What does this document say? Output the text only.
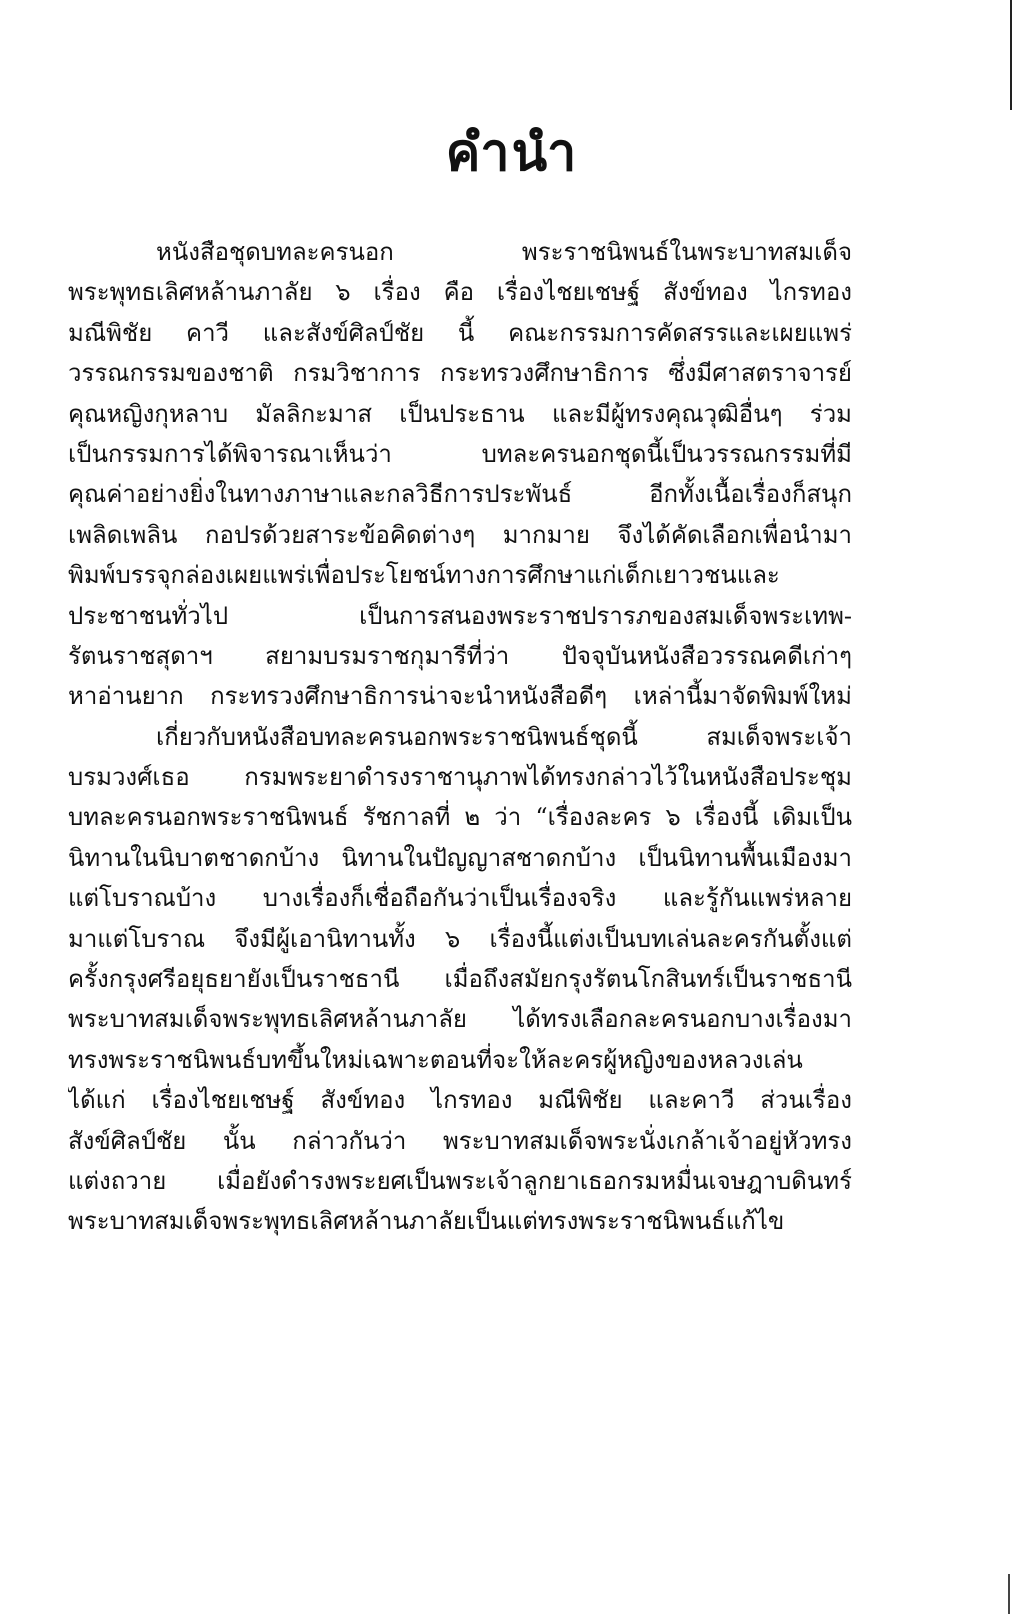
คำนำ
หนังสือชุดบทละครนอก พระราชนิพนธ์ในพระบาทสมเด็จ
พระพุทธเลิศหล้านภาลัย ๖ เรื่อง คือ เรื่องไชยเชษฐ์ สังข์ทอง ไกรทอง
มณีพิชัย คาวี และสังข์ศิลป์ชัย นี้ คณะกรรมการคัดสรรและเผยแพร่
วรรณกรรมของชาติ กรมวิชาการ กระทรวงศึกษาธิการ ซึ่งมีศาสตราจารย์
คุณหญิงกุหลาบ มัลลิกะมาส เป็นประธาน และมีผู้ทรงคุณวุฒิอื่นๆ ร่วม
เป็นกรรมการได้พิจารณาเห็นว่า บทละครนอกชุดนี้เป็นวรรณกรรมที่มี
คุณค่าอย่างยิ่งในทางภาษาและกลวิธีการประพันธ์ อีกทั้งเนื้อเรื่องก็สนุก
เพลิดเพลิน กอปรด้วยสาระข้อคิดต่างๆ มากมาย จึงได้คัดเลือกเพื่อนำมา
พิมพ์บรรจุกล่องเผยแพร่เพื่อประโยชน์ทางการศึกษาแก่เด็กเยาวชนและ
ประชาชนทั่วไป เป็นการสนองพระราชปรารภของสมเด็จพระเทพ-
รัตนราชสุดาฯ สยามบรมราชกุมารีที่ว่า ปัจจุบันหนังสือวรรณคดีเก่าๆ
หาอ่านยาก กระทรวงศึกษาธิการน่าจะนำหนังสือดีๆ เหล่านี้มาจัดพิมพ์ใหม่
เกี่ยวกับหนังสือบทละครนอกพระราชนิพนธ์ชุดนี้ สมเด็จพระเจ้า
บรมวงศ์เธอ กรมพระยาดำรงราชานุภาพได้ทรงกล่าวไว้ในหนังสือประชุม
บทละครนอกพระราชนิพนธ์ รัชกาลที่ ๒ ว่า “เรื่องละคร ๖ เรื่องนี้ เดิมเป็น
นิทานในนิบาตชาดกบ้าง นิทานในปัญญาสชาดกบ้าง เป็นนิทานพื้นเมืองมา
แต่โบราณบ้าง บางเรื่องก็เชื่อถือกันว่าเป็นเรื่องจริง และรู้กันแพร่หลาย
มาแต่โบราณ จึงมีผู้เอานิทานทั้ง ๖ เรื่องนี้แต่งเป็นบทเล่นละครกันตั้งแต่
ครั้งกรุงศรีอยุธยายังเป็นราชธานี เมื่อถึงสมัยกรุงรัตนโกสินทร์เป็นราชธานี
พระบาทสมเด็จพระพุทธเลิศหล้านภาลัย ได้ทรงเลือกละครนอกบางเรื่องมา
ทรงพระราชนิพนธ์บทขึ้นใหม่เฉพาะตอนที่จะให้ละครผู้หญิงของหลวงเล่น
ได้แก่ เรื่องไชยเชษฐ์ สังข์ทอง ไกรทอง มณีพิชัย และคาวี ส่วนเรื่อง
สังข์ศิลป์ชัย นั้น กล่าวกันว่า พระบาทสมเด็จพระนั่งเกล้าเจ้าอยู่หัวทรง
แต่งถวาย เมื่อยังดำรงพระยศเป็นพระเจ้าลูกยาเธอกรมหมื่นเจษฎาบดินทร์
พระบาทสมเด็จพระพุทธเลิศหล้านภาลัยเป็นแต่ทรงพระราชนิพนธ์แก้ไข
